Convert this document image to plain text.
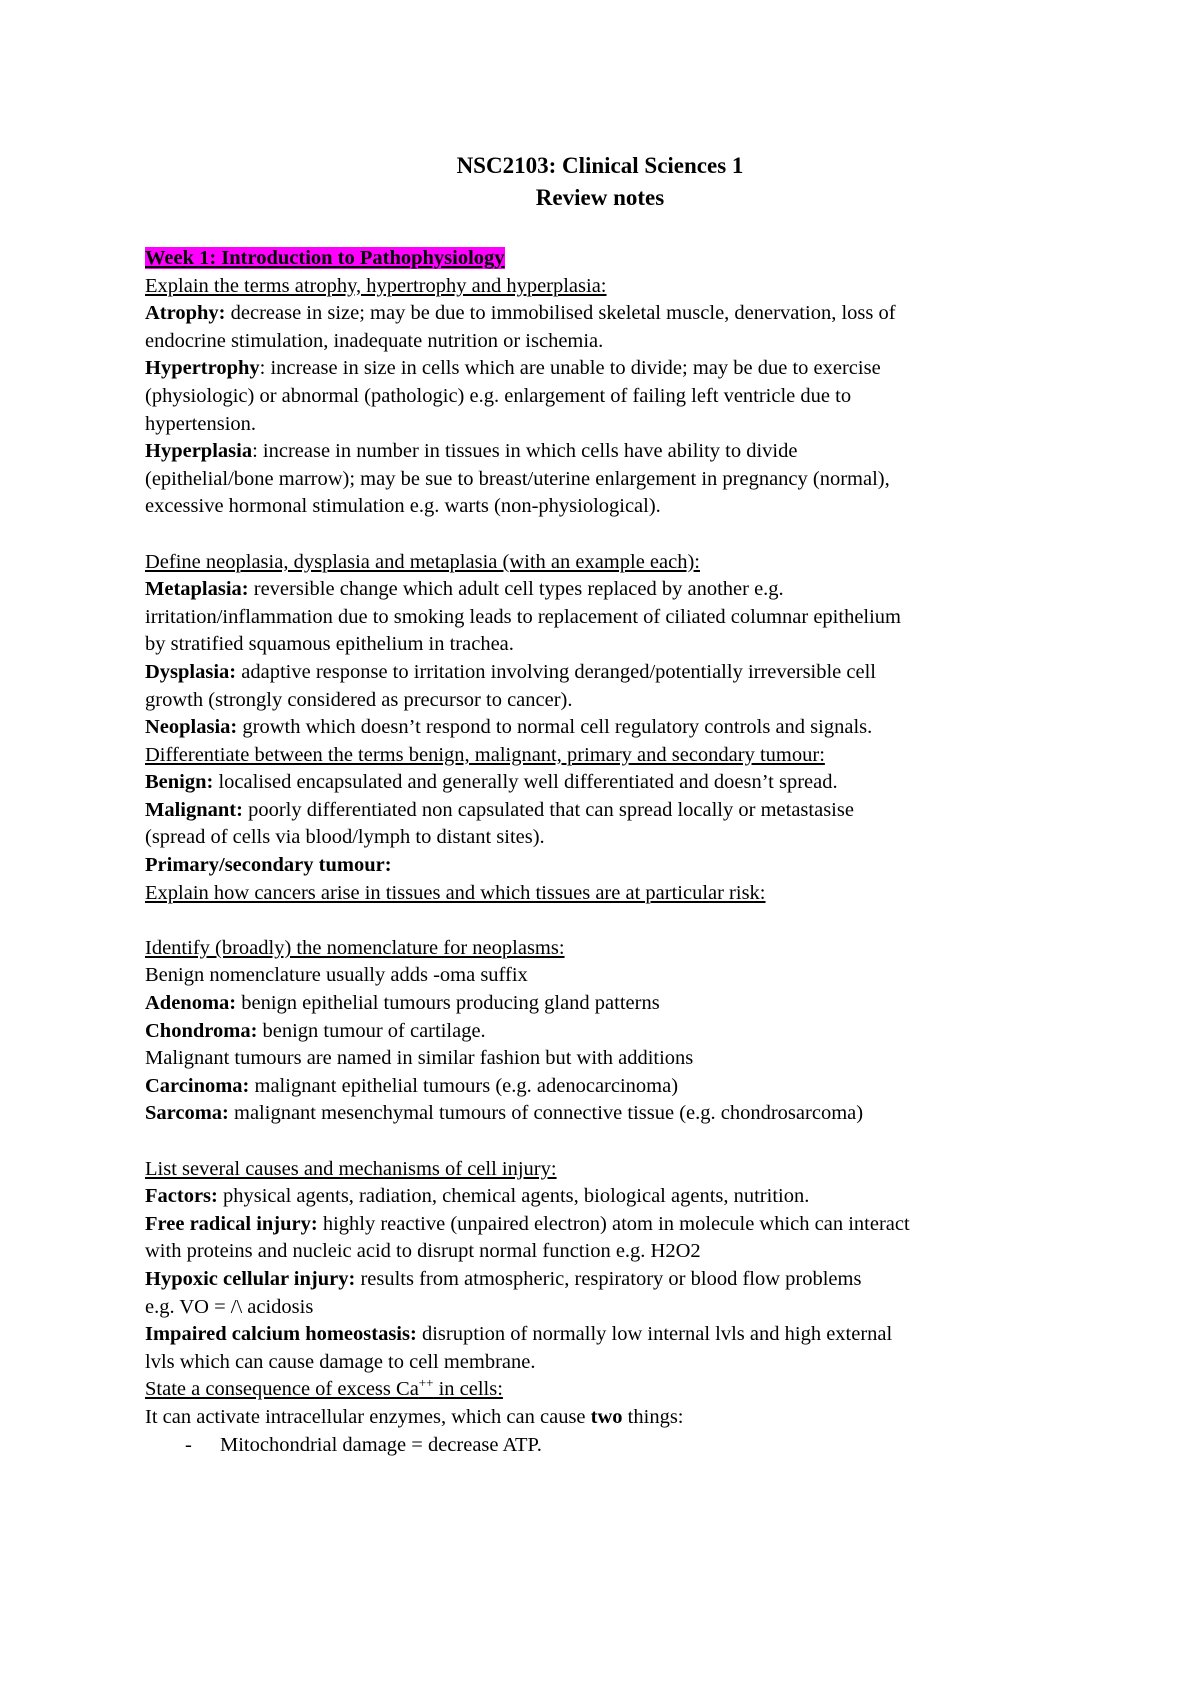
NSC2103: Clinical Sciences 1
Review notes
Week 1: Introduction to Pathophysiology
Explain the terms atrophy, hypertrophy and hyperplasia:
Atrophy: decrease in size; may be due to immobilised skeletal muscle, denervation, loss of
endocrine stimulation, inadequate nutrition or ischemia.
Hypertrophy: increase in size in cells which are unable to divide; may be due to exercise
(physiologic) or abnormal (pathologic) e.g. enlargement of failing left ventricle due to
hypertension.
Hyperplasia: increase in number in tissues in which cells have ability to divide
(epithelial/bone marrow); may be sue to breast/uterine enlargement in pregnancy (normal),
excessive hormonal stimulation e.g. warts (non-physiological).
Define neoplasia, dysplasia and metaplasia (with an example each):
Metaplasia: reversible change which adult cell types replaced by another e.g.
irritation/inflammation due to smoking leads to replacement of ciliated columnar epithelium
by stratified squamous epithelium in trachea.
Dysplasia: adaptive response to irritation involving deranged/potentially irreversible cell
growth (strongly considered as precursor to cancer).
Neoplasia: growth which doesn’t respond to normal cell regulatory controls and signals.
Differentiate between the terms benign, malignant, primary and secondary tumour:
Benign: localised encapsulated and generally well differentiated and doesn’t spread.
Malignant: poorly differentiated non capsulated that can spread locally or metastasise
(spread of cells via blood/lymph to distant sites).
Primary/secondary tumour:
Explain how cancers arise in tissues and which tissues are at particular risk:
Identify (broadly) the nomenclature for neoplasms:
Benign nomenclature usually adds -oma suffix
Adenoma: benign epithelial tumours producing gland patterns
Chondroma: benign tumour of cartilage.
Malignant tumours are named in similar fashion but with additions
Carcinoma: malignant epithelial tumours (e.g. adenocarcinoma)
Sarcoma: malignant mesenchymal tumours of connective tissue (e.g. chondrosarcoma)
List several causes and mechanisms of cell injury:
Factors: physical agents, radiation, chemical agents, biological agents, nutrition.
Free radical injury: highly reactive (unpaired electron) atom in molecule which can interact
with proteins and nucleic acid to disrupt normal function e.g. H2O2
Hypoxic cellular injury: results from atmospheric, respiratory or blood flow problems
e.g. VO = /\ acidosis
Impaired calcium homeostasis: disruption of normally low internal lvls and high external
lvls which can cause damage to cell membrane.
State a consequence of excess Ca++ in cells:
It can activate intracellular enzymes, which can cause two things:
- Mitochondrial damage = decrease ATP.
